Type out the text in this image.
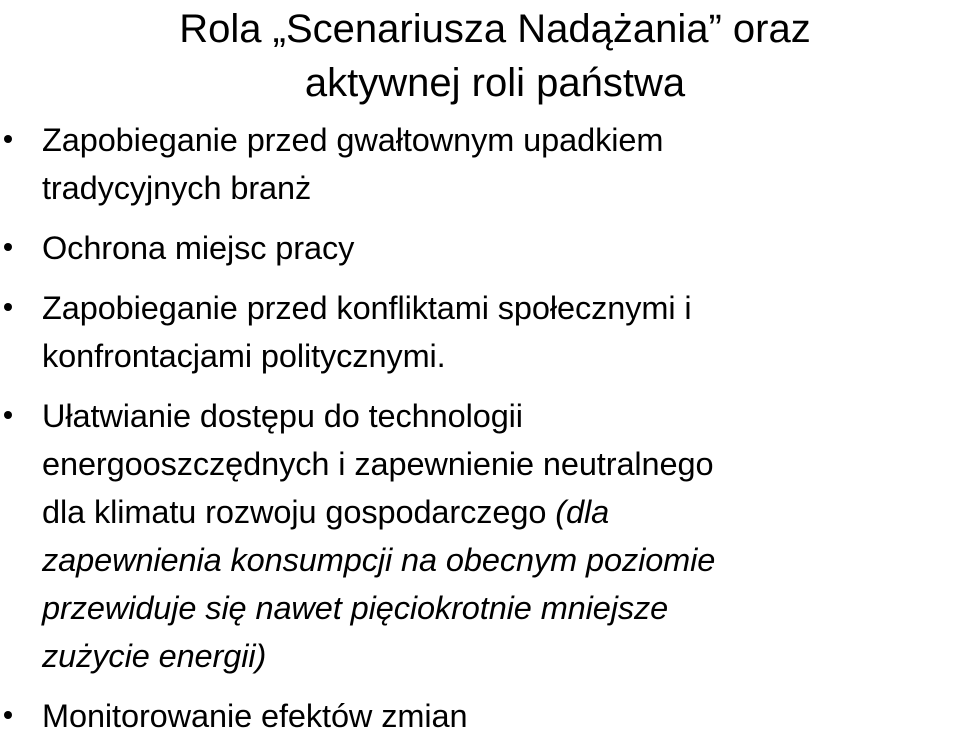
Rola „Scenariusza Nadążania” oraz
aktywnej roli państwa
Zapobieganie przed gwałtownym upadkiem
tradycyjnych branż
Ochrona miejsc pracy
Zapobieganie przed konfliktami społecznymi i
konfrontacjami politycznymi.
Ułatwianie dostępu do technologii
energooszczędnych i zapewnienie neutralnego
dla klimatu rozwoju gospodarczego (dla
zapewnienia konsumpcji na obecnym poziomie
przewiduje się nawet pięciokrotnie mniejsze
zużycie energii)
Monitorowanie efektów zmian
